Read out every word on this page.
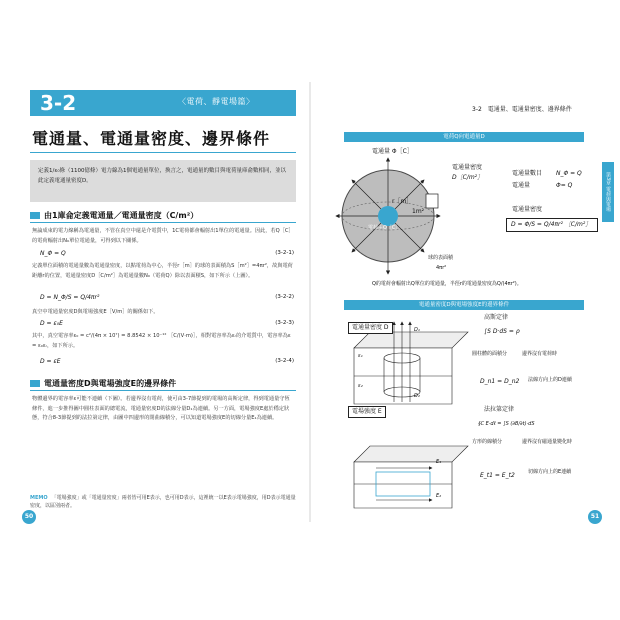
3-2	〈電荷、靜電場篇〉
電通量、電通量密度、邊界條件
定義1/ε₀條（1100億條）電力線為1個電通量單位，換言之，電通量的數目與電荷量庫侖數相同，並以此定義電通量密度D。
由1庫侖定義電通量／電通量密度（C/m²）
無論成束的電力線稱為電通量，不管在真空中還是介電質中，1C電荷都會輻射出1單位的電通量。因此，若Q［C］的電荷輻射出N₀單位電通量，可得到以下關係。
N_Φ = Q	(3-2-1)
定義單位面積的電通量數為電通量密度，以點電荷為中心，半徑r［m］的球的表面積為S［m²］=4πr²，故與電荷距離r的位置，電通量密度D［C/m²］為電通量數N₀（電荷Q）除以表面積S，如下所示（上圖）。
D = N_Φ/S = Q/4πr²	(3-2-2)
真空中電通量密度D與電場強度E［V/m］的關係如下。
D = ε₀E	(3-2-3)
其中，真空電容率ε₀ = c²/(4π × 10⁷) = 8.8542 × 10⁻¹² ［C/(V·m)］，相對電容率為εᵣ的介電質中，電容率為ε = ε₀εᵣ，如下所示。
D = εE	(3-2-4)
電通量密度D與電場強度E的邊界條件
物體邊界的電容率ε可能不連續（下圖）。若邊界沒有電荷，使可由3-7節提到的電場的高斯定律，得到電通量守恆條件，進一步推得圖中圓柱表面的總電流，電通量密度D的法線分量D₁為連續。另一方面，電場強度E處於穩定狀態，符合8-3節提到的法拉第定律，由圖中四邊形的閉曲線積分，可以知道電場強度E的切線分量E₁為連續。
MEMO 「電場強度」或「電通量密度」兩者皆可用E表示，也可用D表示，這裡統一以E表示電場強度，用D表示電通量密度，以區別兩者。
50
3-2　電通量、電通量密度、邊界條件
第3章 電荷與電場
電荷Q向電通量D
電通量 Φ［C］
r［m］
1m²
電荷＋Q［C］
球的表面積
4πr²
電通量密度
D［C/m²］
電通量數目 N_Φ = Q
電通量	Φ= Q
電通量密度
D = Φ/S = Q/4πr² ［C/m²］
Q的電荷會輻射出Q單位的電通量，半徑r的電通量密度為Q/(4πr²)。
電通量密度D與電場強度E的邊界條件
電通量密度 D	D₁
D₂
ε₁
ε₂
高斯定律
∫S D·dS = ρ
圓柱體的面積分	邊界沒有電荷時
D_n1 = D_n2 法線方向上的D連續
電場強度 E
E₁
E₂
法拉第定律
∮C E·dℓ = ∫S (∂B/∂t)·dS
方形的線積分	邊界沒有磁通量變化時
E_t1 = E_t2	切線方向上的E連續
51
